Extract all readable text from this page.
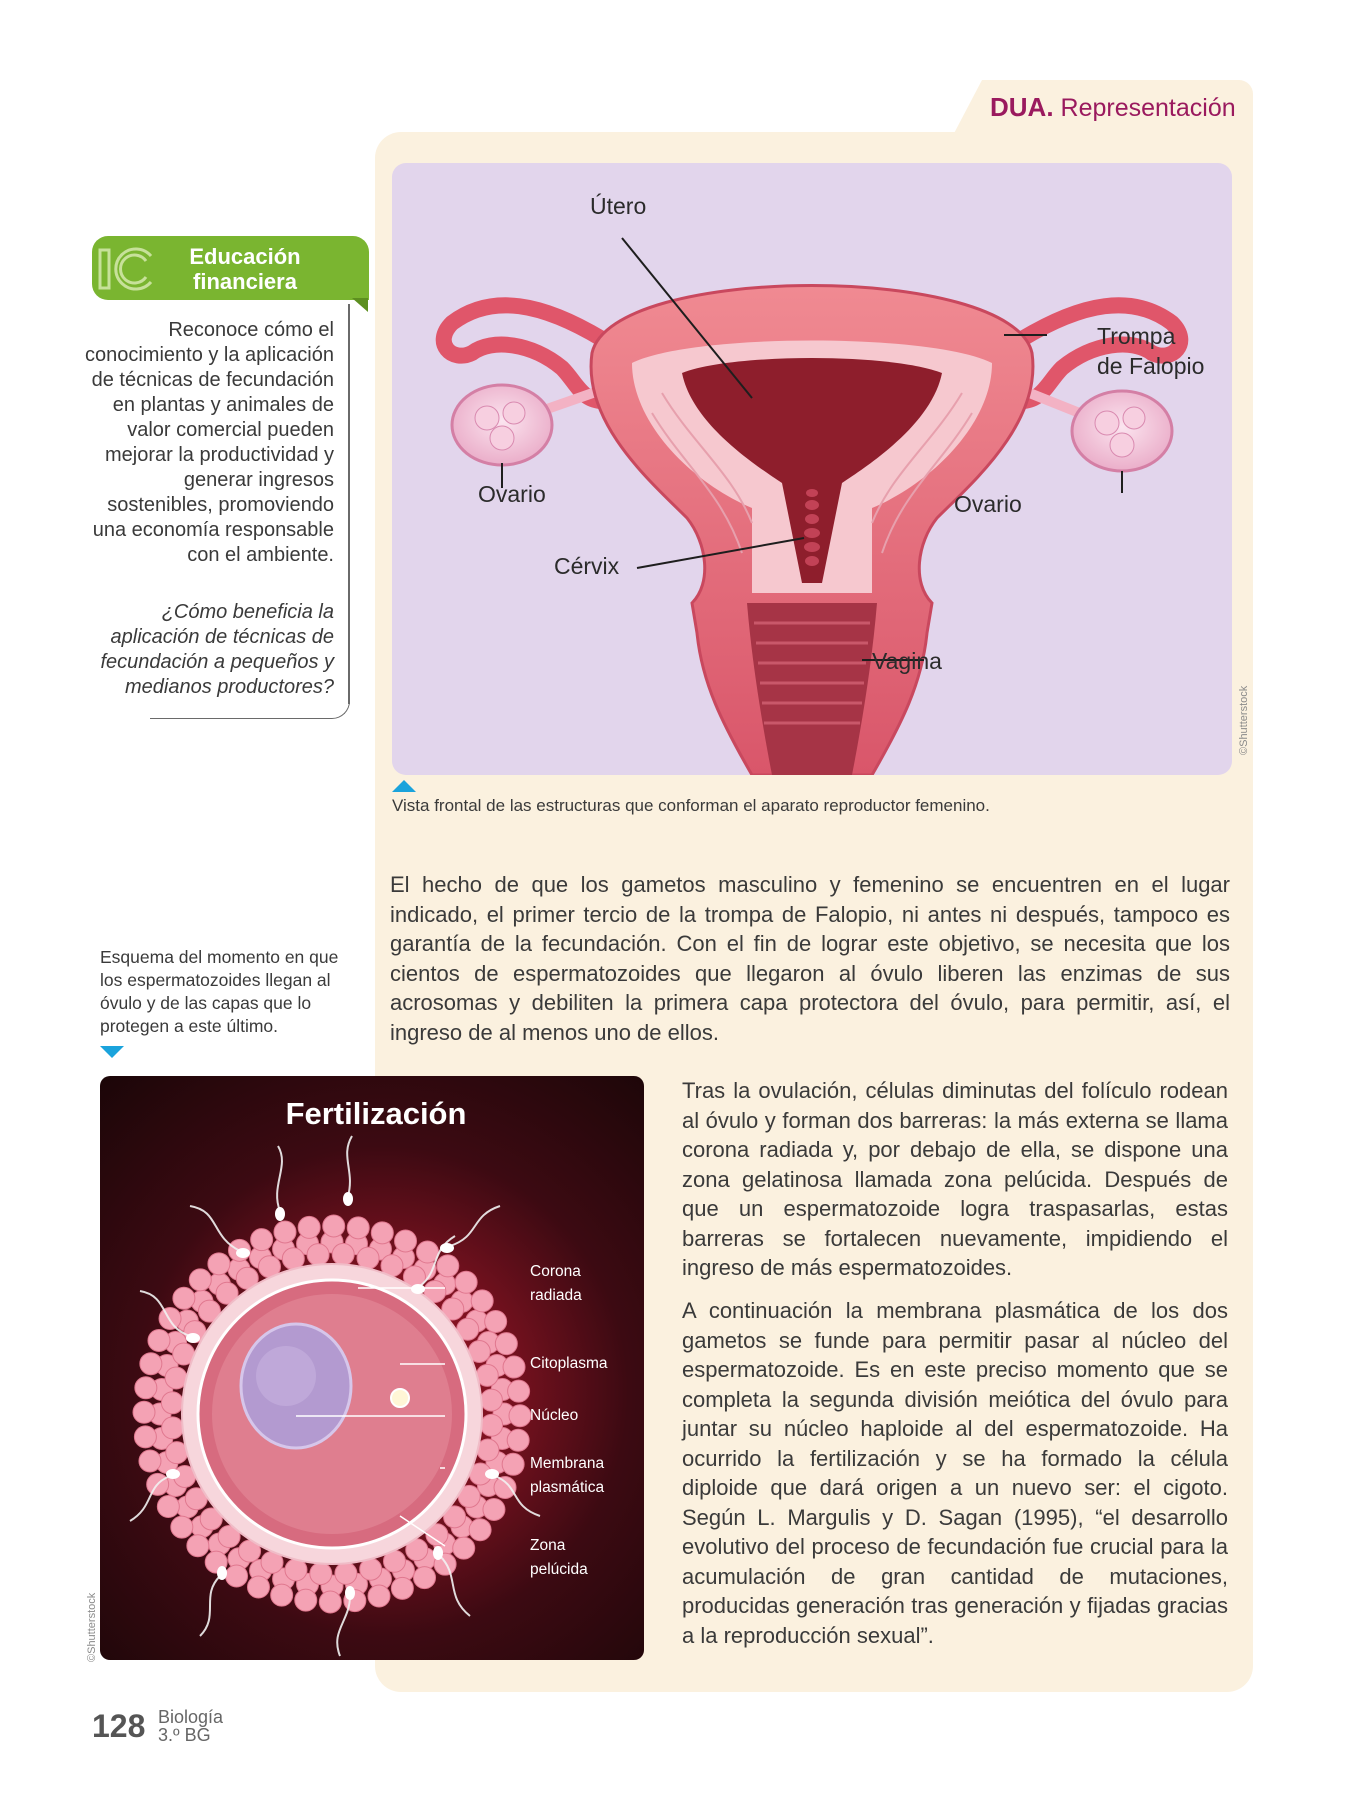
DUA. Representación
Útero
Trompa
de Falopio
Ovario	Ovario
Cérvix
Vagina
©Shutterstock
Vista frontal de las estructuras que conforman el aparato reproductor femenino.
Educación financiera
Reconoce cómo el conocimiento y la aplicación de técnicas de fecundación en plantas y animales de valor comercial pueden mejorar la productividad y generar ingresos sostenibles, promoviendo una economía responsable con el ambiente.
¿Cómo beneficia la aplicación de técnicas de fecundación a pequeños y medianos productores?
Esquema del momento en que los espermatozoides llegan al óvulo y de las capas que lo protegen a este último.

El hecho de que los gametos masculino y femenino se encuentren en el lugar indicado, el primer tercio de la trompa de Falopio, ni antes ni después, tampoco es garantía de la fecundación. Con el fin de lograr este objetivo, se necesita que los cientos de espermatozoides que llegaron al óvulo liberen las enzimas de sus acrosomas y debiliten la primera capa protectora del óvulo, para permitir, así, el ingreso de al menos uno de ellos.

Tras la ovulación, células diminutas del folículo rodean al óvulo y forman dos barreras: la más externa se llama corona radiada y, por debajo de ella, se dispone una zona gelatinosa llamada zona pelúcida. Después de que un espermatozoide logra traspasarlas, estas barreras se fortalecen nuevamente, impidiendo el ingreso de más espermatozoides.

A continuación la membrana plasmática de los dos gametos se funde para permitir pasar al núcleo del espermatozoide. Es en este preciso momento que se completa la segunda división meiótica del óvulo para juntar su núcleo haploide al del espermatozoide. Ha ocurrido la fertilización y se ha formado la célula diploide que dará origen a un nuevo ser: el cigoto. Según L. Margulis y D. Sagan (1995), “el desarrollo evolutivo del proceso de fecundación fue crucial para la acumulación de gran cantidad de mutaciones, producidas generación tras generación y fijadas gracias a la reproducción sexual”.

Fertilización
Corona
radiada
Citoplasma
Núcleo
Membrana
plasmática
Zona
pelúcida
©Shutterstock
128 Biología
3.º BG
